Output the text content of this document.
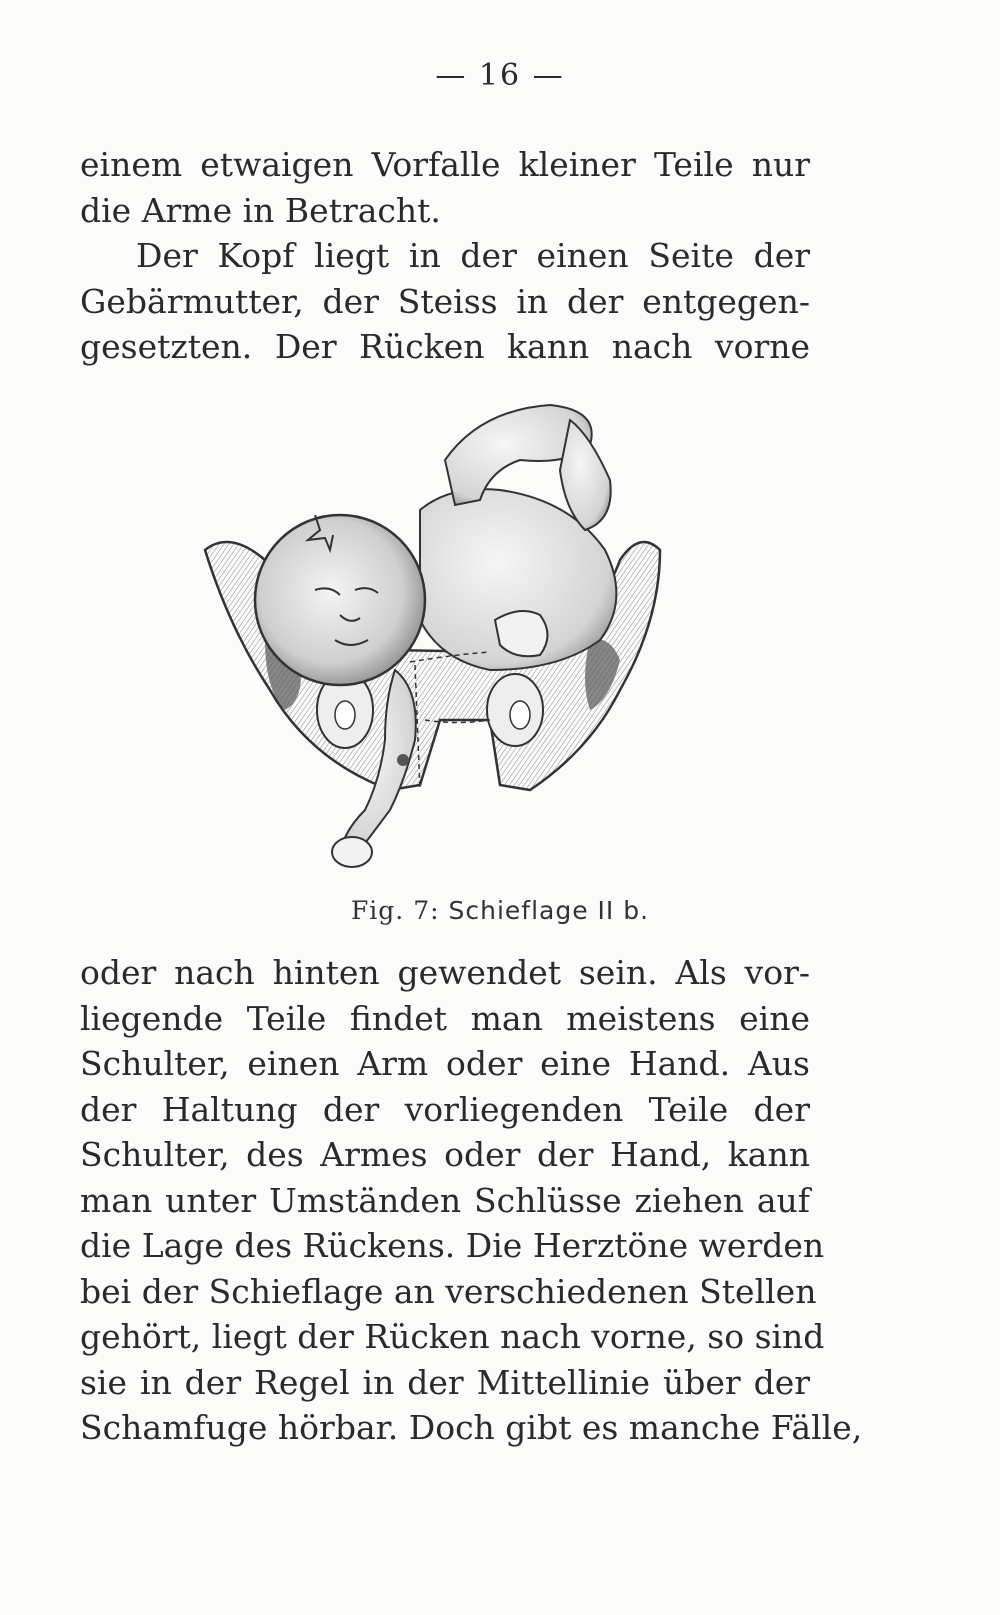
— 16 —
einem etwaigen Vorfalle kleiner Teile nur
die Arme in Betracht.
Der Kopf liegt in der einen Seite der
Gebärmutter, der Steiss in der entgegen-
gesetzten. Der Rücken kann nach vorne
Fig. 7: Schieflage II b.
oder nach hinten gewendet sein. Als vor-
liegende Teile findet man meistens eine
Schulter, einen Arm oder eine Hand. Aus
der Haltung der vorliegenden Teile der
Schulter, des Armes oder der Hand, kann
man unter Umständen Schlüsse ziehen auf
die Lage des Rückens. Die Herztöne werden
bei der Schieflage an verschiedenen Stellen
gehört, liegt der Rücken nach vorne, so sind
sie in der Regel in der Mittellinie über der
Schamfuge hörbar. Doch gibt es manche Fälle,
